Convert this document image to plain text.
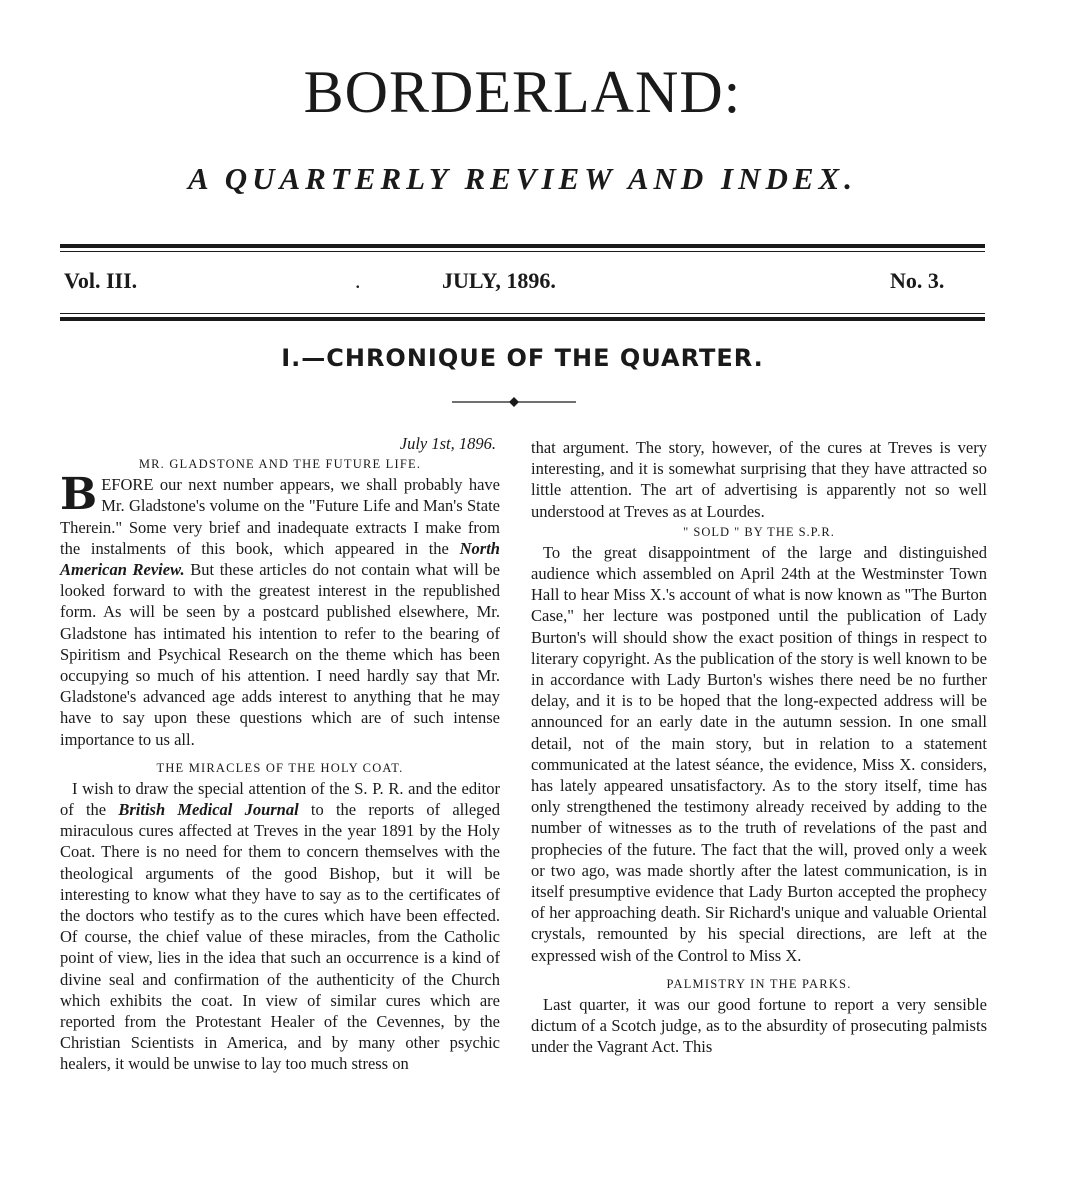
BORDERLAND:
A QUARTERLY REVIEW AND INDEX.
Vol. III.	.	JULY, 1896.	No. 3.
I.—CHRONIQUE OF THE QUARTER.

July 1st, 1896.

MR. GLADSTONE AND THE FUTURE LIFE.

BEFORE our next number appears, we shall probably have Mr. Gladstone's volume on the "Future Life and Man's State Therein." Some very brief and inadequate extracts I make from the instalments of this book, which appeared in the North American Review. But these articles do not contain what will be looked forward to with the greatest interest in the republished form. As will be seen by a postcard published elsewhere, Mr. Gladstone has intimated his intention to refer to the bearing of Spiritism and Psychical Research on the theme which has been occupying so much of his attention. I need hardly say that Mr. Gladstone's advanced age adds interest to anything that he may have to say upon these questions which are of such intense importance to us all.

THE MIRACLES OF THE HOLY COAT.

I wish to draw the special attention of the S. P. R. and the editor of the British Medical Journal to the reports of alleged miraculous cures affected at Treves in the year 1891 by the Holy Coat. There is no need for them to concern themselves with the theological arguments of the good Bishop, but it will be interesting to know what they have to say as to the certificates of the doctors who testify as to the cures which have been effected. Of course, the chief value of these miracles, from the Catholic point of view, lies in the idea that such an occurrence is a kind of divine seal and confirmation of the authenticity of the Church which exhibits the coat. In view of similar cures which are reported from the Protestant Healer of the Cevennes, by the Christian Scientists in America, and by many other psychic healers, it would be unwise to lay too much stress on

that argument. The story, however, of the cures at Treves is very interesting, and it is somewhat surprising that they have attracted so little attention. The art of advertising is apparently not so well understood at Treves as at Lourdes.

" SOLD " BY THE S.P.R.

To the great disappointment of the large and distinguished audience which assembled on April 24th at the Westminster Town Hall to hear Miss X.'s account of what is now known as "The Burton Case," her lecture was postponed until the publication of Lady Burton's will should show the exact position of things in respect to literary copyright. As the publication of the story is well known to be in accordance with Lady Burton's wishes there need be no further delay, and it is to be hoped that the long-expected address will be announced for an early date in the autumn session. In one small detail, not of the main story, but in relation to a statement communicated at the latest séance, the evidence, Miss X. considers, has lately appeared unsatisfactory. As to the story itself, time has only strengthened the testimony already received by adding to the number of witnesses as to the truth of revelations of the past and prophecies of the future. The fact that the will, proved only a week or two ago, was made shortly after the latest communication, is in itself presumptive evidence that Lady Burton accepted the prophecy of her approaching death. Sir Richard's unique and valuable Oriental crystals, remounted by his special directions, are left at the expressed wish of the Control to Miss X.

PALMISTRY IN THE PARKS.

Last quarter, it was our good fortune to report a very sensible dictum of a Scotch judge, as to the absurdity of prosecuting palmists under the Vagrant Act. This
